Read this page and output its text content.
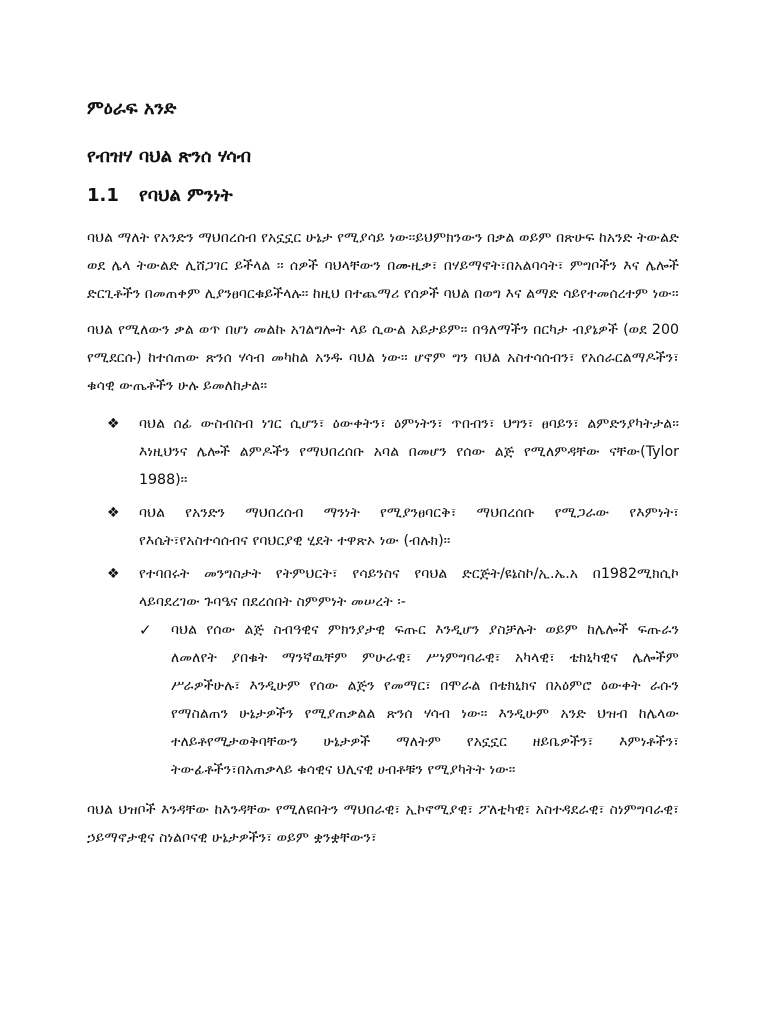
ምዕራፍ አንድ
የብዝሃ ባህል ጽንሰ ሃሳብ
1.1 የባህል ምንነት

ባህል ማለት የአንድን ማህበረሰብ የአኗኗር ሁኔታ የሚያሳይ ነው፡፡ይህምክንውን በቃል ወይም በጽሁፍ ከአንድ ትውልድ ወደ ሌላ ትውልድ ሊሸጋገር ይችላል ፡፡ ሰዎች ባህላቸውን በሙዚቃ፣ በሃይማኖት፣በአልባሳት፣ ምግቦችን እና ሌሎች ድርጊቶችን በመጠቀም ሊያንፀባርቁይችላሉ፡፡ ከዚህ በተጨማሪ የሰዎች ባህል በወግ እና ልማድ ሳይየተመሰረተም ነው፡፡

ባህል የሚለውን ቃል ወጥ በሆነ መልኩ አገልግሎት ላይ ሲውል አይታይም፡፡ በዓለማችን በርካታ ብያኔዎች (ወደ 200 የሚደርሱ) ከተሰጠው ጽንሰ ሃሳብ መካከል አንዱ ባህል ነው፡፡ ሆኖም ግን ባህል አስተሳሰብን፣ የአሰራርልማዶችን፣ ቁሳዊ ውጤቶችን ሁሉ ይመለከታል፡፡

❖ ባህል ሰፊ ውስብስብ ነገር ሲሆን፣ ዕውቀትን፣ ዕምነትን፣ ጥበብን፣ ህግን፣ ፀባይን፣ ልምድንያካትታል፡፡እነዚህንና ሌሎች ልምዶችን የማህበረሰቡ አባል በመሆን የሰው ልጅ የሚለምዳቸው ናቸው(Tylor 1988)፡፡

❖ ባህል የአንድን ማህበረሰብ ማንነት የሚያንፀባርቅ፣ ማህበረሰቡ የሚጋራው የእምነት፣ የእሴት፣የአስተሳሰብና የባህርያዊ ሂደት ተዋጽኦ ነው (ብሉክ)፡፡

❖ የተባበሩት መንግስታት የትምህርት፣ የሳይንስና የባህል ድርጅት/ዩኔስኮ/ኢ.ኤ.አ በ1982ሚክሲኮ ላይባደረገው ጉባዔና በደረሰበት ስምምነት መሠረት ፡-

✓ ባህል የሰው ልጅ ስብዓዊና ምክንያታዊ ፍጡር እንዲሆን ያስቻሉት ወይም ከሌሎች ፍጡራን ለመለየት ያበቁት ማንኛዉቸም ምሁራዊ፣ ሥነምግባራዊ፣ አካላዊ፣ ቴክኒካዊና ሌሎችም ሥራዎችሁሉ፣ እንዲሁም የሰው ልጅን የመማር፣ በሞራል በቴክኒክና በአዕምሮ ዕውቀት ራሱን የማስልጠን ሁኔታዎችን የሚያጠቃልል ጽንሰ ሃሳብ ነው፡፡ እንዲሁም አንድ ህዝብ ከሌላው ተለይቶየሚታወቅባቸውን ሁኔታዎች ማለትም የአኗኗር ዘይቤዎችን፣ እምነቶችን፣ ትውፊቶችን፣በአጠቃላይ ቁሳዊና ህሊናዊ ሀብቶቹን የሚያካትት ነው፡፡

ባህል ህዝቦች እንዳቸው ከእንዳቸው የሚለዩበትን ማህበራዊ፣ ኢኮኖሚያዊ፣ ፖለቲካዊ፣ አስተዳደራዊ፣ ስነምግባራዊ፣ ኃይማኖታዊና ስነልቦናዊ ሁኔታዎችን፣ ወይም ቋንቋቸውን፣
